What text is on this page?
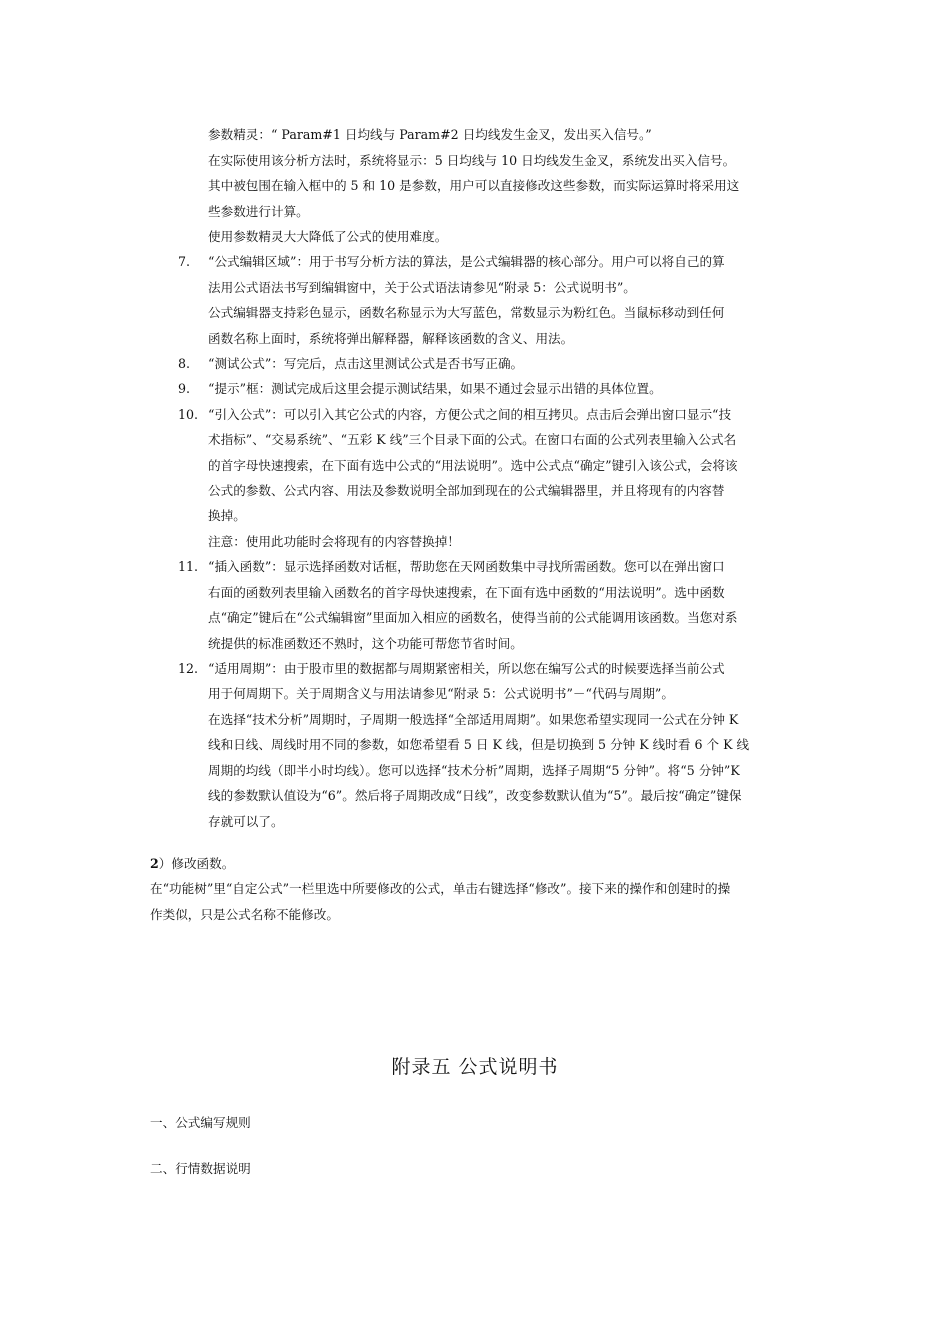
参数精灵：“ Param#1 日均线与 Param#2 日均线发生金叉，发出买入信号。”
在实际使用该分析方法时，系统将显示：5 日均线与 10 日均线发生金叉，系统发出买入信号。
其中被包围在输入框中的 5 和 10 是参数，用户可以直接修改这些参数，而实际运算时将采用这
些参数进行计算。
使用参数精灵大大降低了公式的使用难度。
7. “公式编辑区域”：用于书写分析方法的算法，是公式编辑器的核心部分。用户可以将自己的算
法用公式语法书写到编辑窗中，关于公式语法请参见“附录 5：公式说明书”。
公式编辑器支持彩色显示，函数名称显示为大写蓝色，常数显示为粉红色。当鼠标移动到任何
函数名称上面时，系统将弹出解释器，解释该函数的含义、用法。
8. “测试公式”：写完后，点击这里测试公式是否书写正确。
9. “提示”框：测试完成后这里会提示测试结果，如果不通过会显示出错的具体位置。
10. “引入公式”：可以引入其它公式的内容，方便公式之间的相互拷贝。点击后会弹出窗口显示“技
术指标”、“交易系统”、“五彩 K 线”三个目录下面的公式。在窗口右面的公式列表里输入公式名
的首字母快速搜索，在下面有选中公式的“用法说明”。选中公式点“确定”键引入该公式，会将该
公式的参数、公式内容、用法及参数说明全部加到现在的公式编辑器里，并且将现有的内容替
换掉。
注意：使用此功能时会将现有的内容替换掉！
11. “插入函数”：显示选择函数对话框，帮助您在天网函数集中寻找所需函数。您可以在弹出窗口
右面的函数列表里输入函数名的首字母快速搜索，在下面有选中函数的“用法说明”。选中函数
点“确定”键后在“公式编辑窗”里面加入相应的函数名，使得当前的公式能调用该函数。当您对系
统提供的标准函数还不熟时，这个功能可帮您节省时间。
12. “适用周期”：由于股市里的数据都与周期紧密相关，所以您在编写公式的时候要选择当前公式
用于何周期下。关于周期含义与用法请参见“附录 5：公式说明书”－“代码与周期”。
在选择“技术分析”周期时，子周期一般选择“全部适用周期”。如果您希望实现同一公式在分钟 K
线和日线、周线时用不同的参数，如您希望看 5 日 K 线，但是切换到 5 分钟 K 线时看 6 个 K 线
周期的均线（即半小时均线）。您可以选择“技术分析”周期，选择子周期“5 分钟”。将“5 分钟”K
线的参数默认值设为“6”。然后将子周期改成“日线”，改变参数默认值为“5”。最后按“确定”键保
存就可以了。
2）修改函数。
在“功能树”里“自定公式”一栏里选中所要修改的公式，单击右键选择“修改”。接下来的操作和创建时的操
作类似，只是公式名称不能修改。
附录五 公式说明书
一、公式编写规则
二、行情数据说明
